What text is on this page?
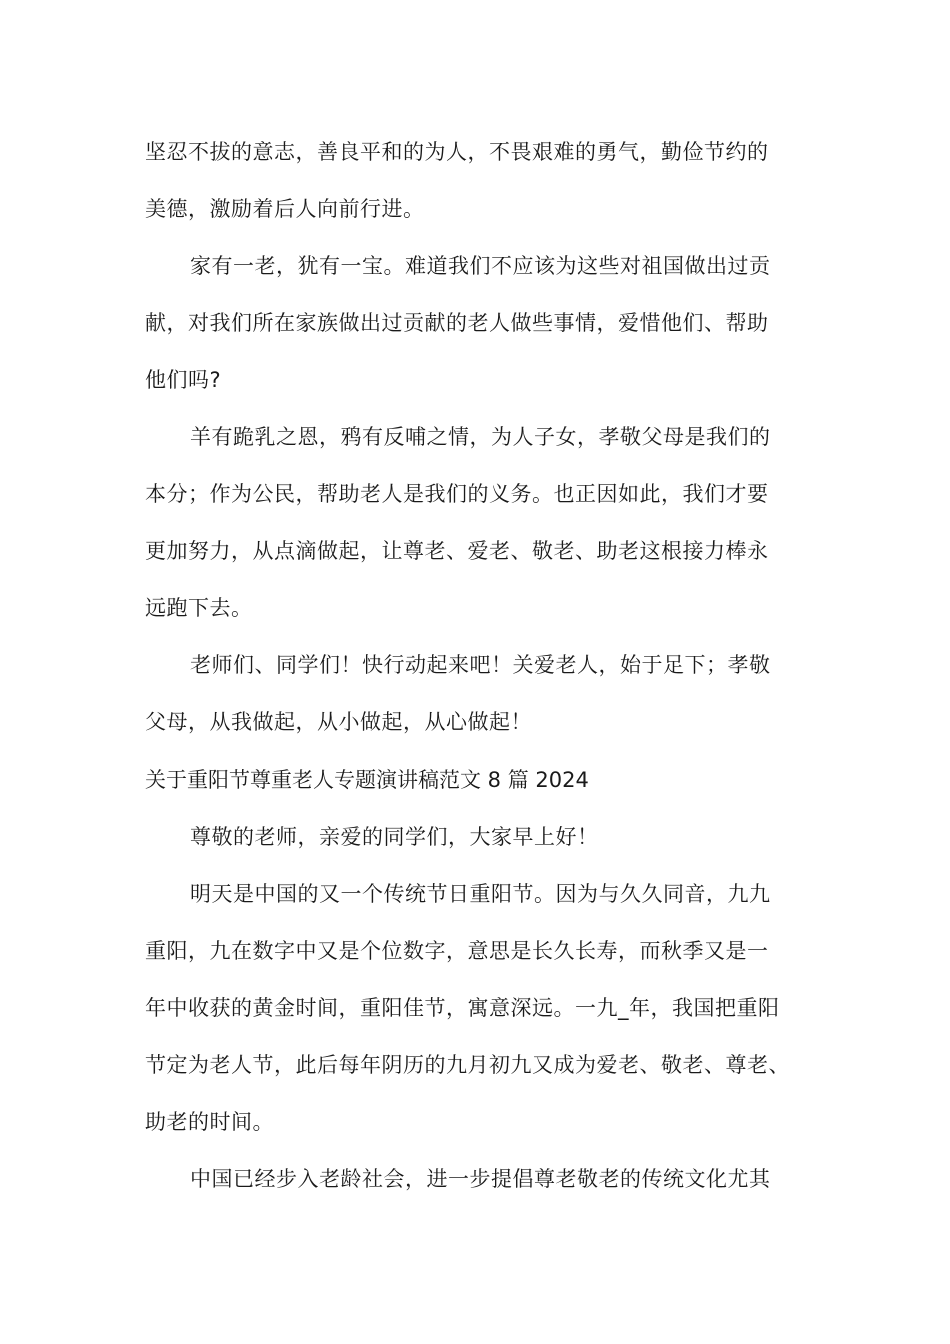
坚忍不拔的意志，善良平和的为人，不畏艰难的勇气，勤俭节约的
美德，激励着后人向前行进。
家有一老，犹有一宝。难道我们不应该为这些对祖国做出过贡
献，对我们所在家族做出过贡献的老人做些事情，爱惜他们、帮助
他们吗?
羊有跪乳之恩，鸦有反哺之情，为人子女，孝敬父母是我们的
本分；作为公民，帮助老人是我们的义务。也正因如此，我们才要
更加努力，从点滴做起，让尊老、爱老、敬老、助老这根接力棒永
远跑下去。
老师们、同学们！快行动起来吧！关爱老人，始于足下；孝敬
父母，从我做起，从小做起，从心做起！
关于重阳节尊重老人专题演讲稿范文 8 篇 2024
尊敬的老师，亲爱的同学们，大家早上好！
明天是中国的又一个传统节日重阳节。因为与久久同音，九九
重阳，九在数字中又是个位数字，意思是长久长寿，而秋季又是一
年中收获的黄金时间，重阳佳节，寓意深远。一九_年，我国把重阳
节定为老人节，此后每年阴历的九月初九又成为爱老、敬老、尊老、
助老的时间。
中国已经步入老龄社会，进一步提倡尊老敬老的传统文化尤其
